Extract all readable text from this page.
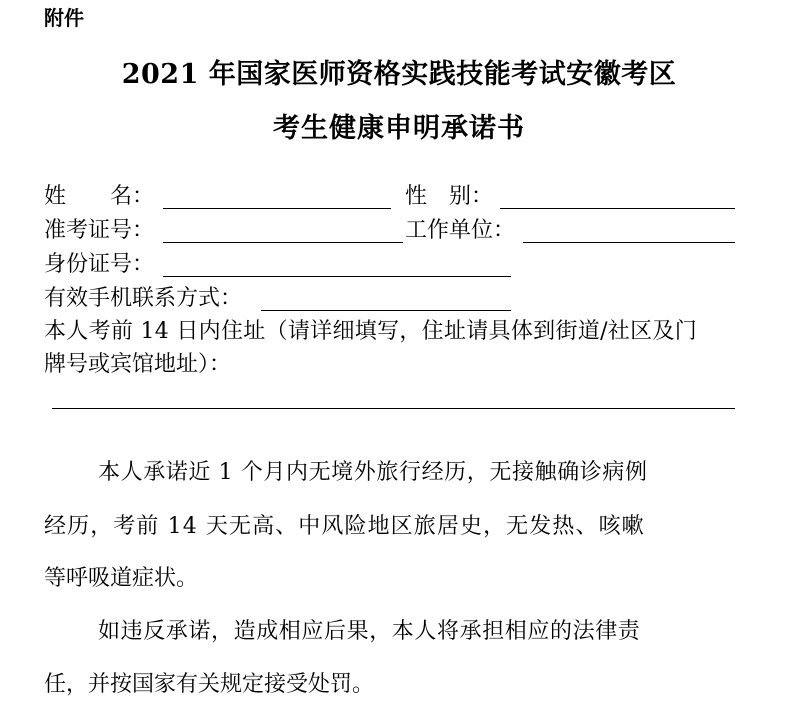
附件
2021 年国家医师资格实践技能考试安徽考区
考生健康申明承诺书
姓　　名：	性　别：
准考证号：	工作单位：
身份证号：
有效手机联系方式：
本人考前 14 日内住址（请详细填写，住址请具体到街道/社区及门
牌号或宾馆地址）：
本人承诺近 1 个月内无境外旅行经历，无接触确诊病例
经历，考前 14 天无高、中风险地区旅居史，无发热、咳嗽
等呼吸道症状。
如违反承诺，造成相应后果，本人将承担相应的法律责
任，并按国家有关规定接受处罚。
